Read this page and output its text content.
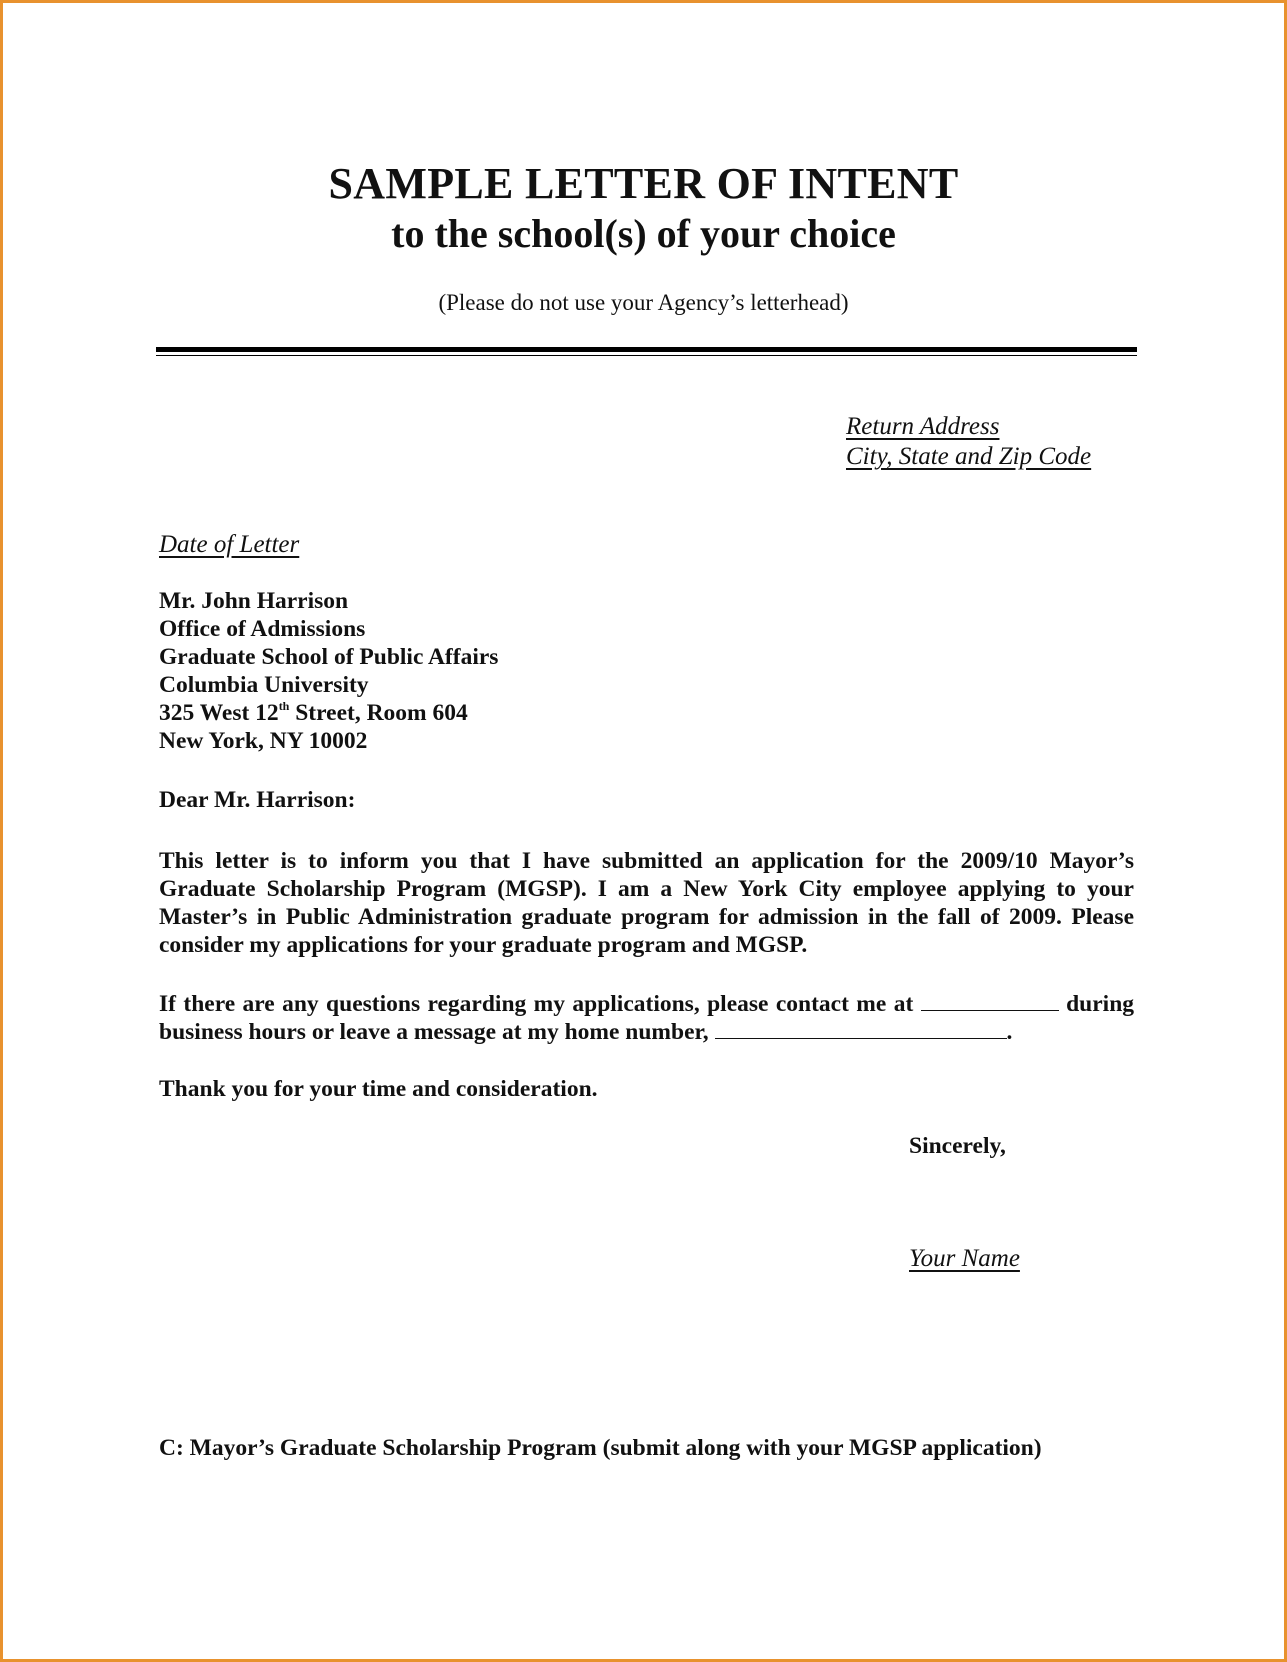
SAMPLE LETTER OF INTENT
to the school(s) of your choice
(Please do not use your Agency’s letterhead)
Return Address
City, State and Zip Code
Date of Letter
Mr. John Harrison
Office of Admissions
Graduate School of Public Affairs
Columbia University
325 West 12th Street, Room 604
New York, NY 10002
Dear Mr. Harrison:
This letter is to inform you that I have submitted an application for the 2009/10 Mayor’s Graduate Scholarship Program (MGSP). I am a New York City employee applying to your Master’s in Public Administration graduate program for admission in the fall of 2009. Please consider my applications for your graduate program and MGSP.
If there are any questions regarding my applications, please contact me at	during business hours or leave a message at my home number,	.
Thank you for your time and consideration.
Sincerely,
Your Name
C: Mayor’s Graduate Scholarship Program (submit along with your MGSP application)
